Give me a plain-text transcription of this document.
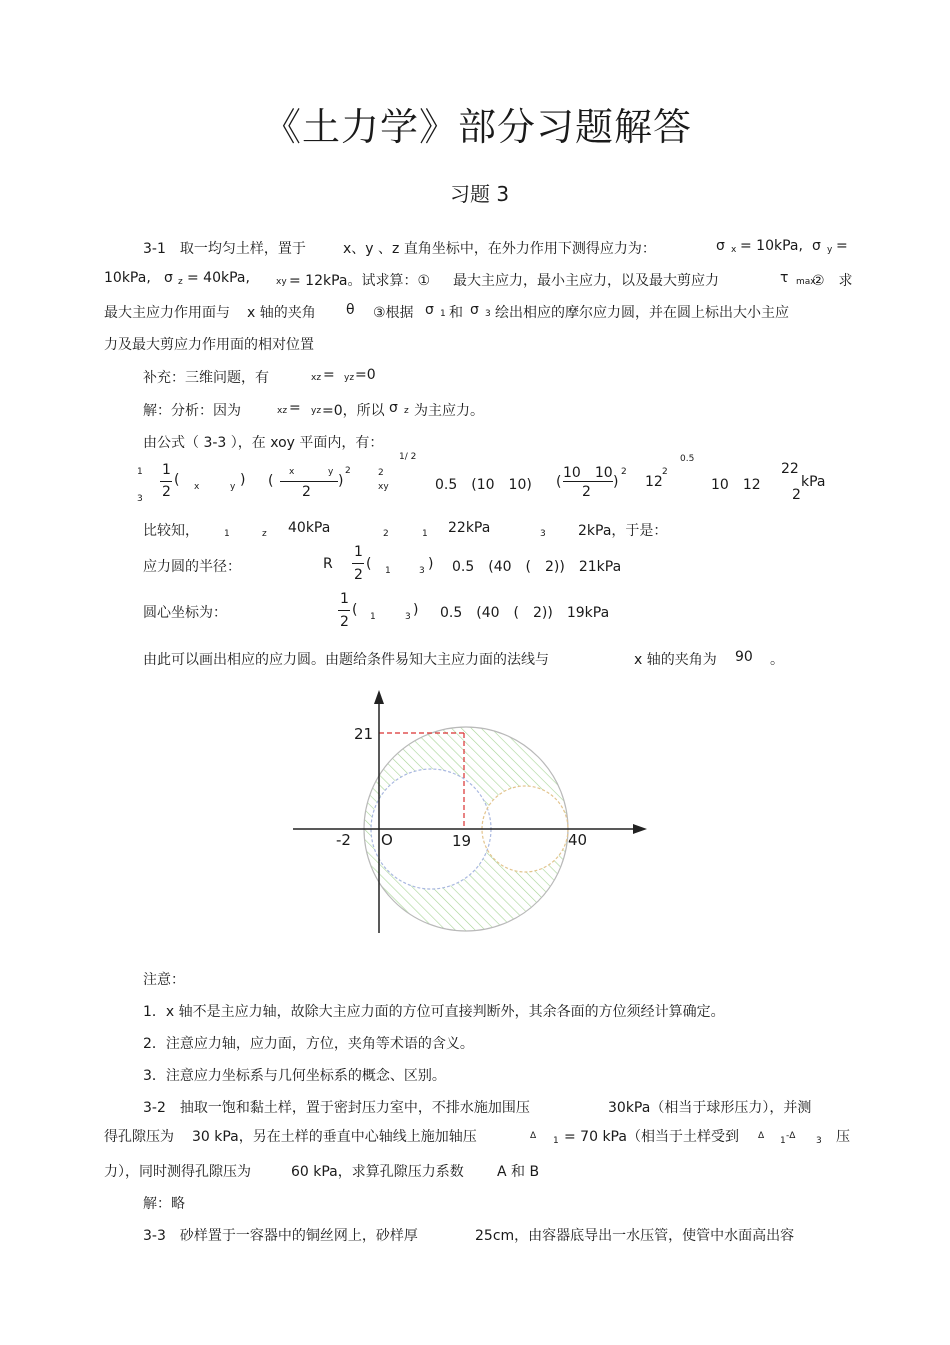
《土力学》部分习题解答
习题 3
3-1　取一均匀土样，置于	x、y 、z 直角坐标中，在外力作用下测得应力为：	σ x = 10kPa, σ y =
10kPa, σ z = 40kPa,	xy = 12kPa。试求算：① 最大主应力，最小主应力，以及最大剪应力	τ max
②　求
最大主应力作用面与 x 轴的夹角 θ ③根据 σ 1 和 σ 3 绘出相应的摩尔应力圆，并在圆上标出大小主应
力及最大剪应力作用面的相对位置
补充：三维问题，有	xz = yz =0
解：分析：因为	xz = yz =0，所以 σ z 为主应力。
由公式（ 3-3 ），在 xoy 平面内，有：
1/ 2
1
3
1
2
( x	y ) (
x	y
2
)
2	2
xy	0.5　(10　10) (
10　10
2
)
2
12
2
0.5
10　12
22
2
kPa
比较知，	1	z 40kPa	2	1 22kPa	3 2kPa，于是：
应力圆的半径：	R
1
2
( 1	3 ) 0.5　(40　(　2))　21kPa
圆心坐标为：
1
2
( 1	3 ) 0.5　(40　(　2))　19kPa
由此可以画出相应的应力圆。由题给条件易知大主应力面的法线与	x 轴的夹角为 90 。
21
-2 O	19	40
注意：
1．x 轴不是主应力轴，故除大主应力面的方位可直接判断外，其余各面的方位须经计算确定。
2．注意应力轴，应力面，方位，夹角等术语的含义。
3．注意应力坐标系与几何坐标系的概念、区别。
3-2　抽取一饱和黏土样，置于密封压力室中，不排水施加围压	30kPa（相当于球形压力），并测
得孔隙压为 30 kPa，另在土样的垂直中心轴线上施加轴压	Δ 1 = 70 kPa（相当于土样受到 Δ 1 -Δ 3 压
力），同时测得孔隙压为	60 kPa，求算孔隙压力系数 A 和 B
解：略
3-3　砂样置于一容器中的铜丝网上，砂样厚	25cm，由容器底导出一水压管，使管中水面高出容
